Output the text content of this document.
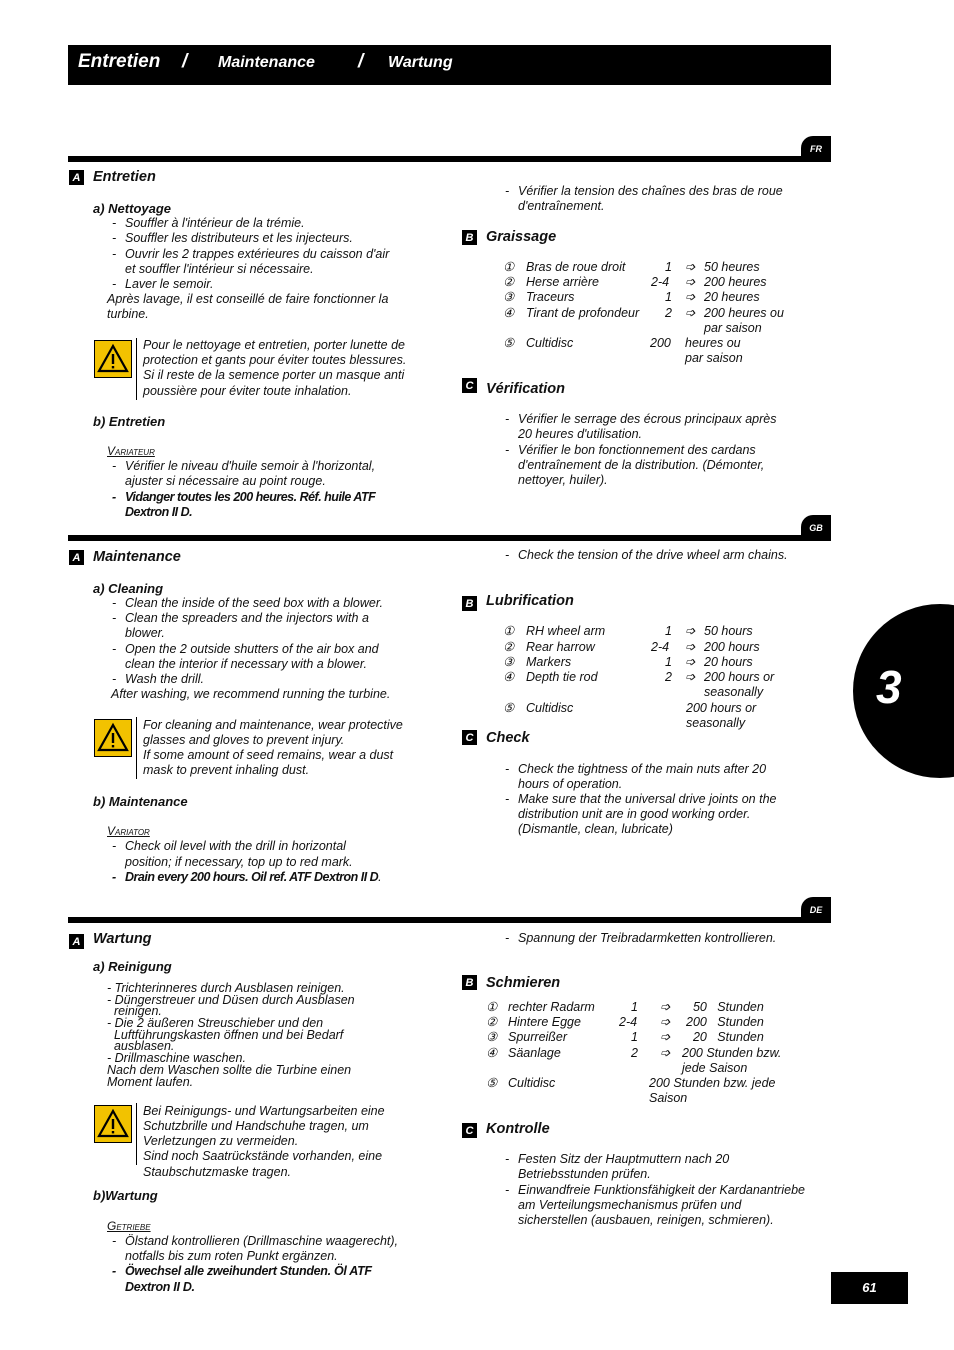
Entretien / Maintenance / Wartung
FR
A Entretien
a) Nettoyage
- Souffler à l'intérieur de la trémie.
- Souffler les distributeurs et les injecteurs.
- Ouvrir les 2 trappes extérieures du caisson d'air
et souffler l'intérieur si nécessaire.
- Laver le semoir.
Après lavage, il est conseillé de faire fonctionner la
turbine.
Pour le nettoyage et entretien, porter lunette de
protection et gants pour éviter toutes blessures.
Si il reste de la semence porter un masque anti
poussière pour éviter toute inhalation.
b) Entretien
Variateur
- Vérifier le niveau d'huile semoir à l'horizontal,
ajuster si nécessaire au point rouge.
- Vidanger toutes les 200 heures. Réf. huile ATF
Dextron II D.
- Vérifier la tension des chaînes des bras de roue
d'entraînement.
B Graissage
① Bras de roue droit	1 ➩ 50 heures
② Herse arrière	2-4 ➩ 200 heures
③ Traceurs	1 ➩ 20 heures
④ Tirant de profondeur 2 ➩ 200 heures ou
par saison
⑤ Cultidisc	200 heures ou
par saison
C Vérification
- Vérifier le serrage des écrous principaux après
20 heures d'utilisation.
- Vérifier le bon fonctionnement des cardans
d'entraînement de la distribution. (Démonter,
nettoyer, huiler).
GB
A Maintenance
a) Cleaning
- Clean the inside of the seed box with a blower.
- Clean the spreaders and the injectors with a
blower.
- Open the 2 outside shutters of the air box and
clean the interior if necessary with a blower.
- Wash the drill.
After washing, we recommend running the turbine.
For cleaning and maintenance, wear protective
glasses and gloves to prevent injury.
If some amount of seed remains, wear a dust
mask to prevent inhaling dust.
b) Maintenance
Variator
- Check oil level with the drill in horizontal
position; if necessary, top up to red mark.
- Drain every 200 hours. Oil ref. ATF Dextron II D.
- Check the tension of the drive wheel arm chains.
B Lubrification
① RH wheel arm	1 ➩ 50 hours
② Rear harrow	2-4 ➩ 200 hours
③ Markers	1 ➩ 20 hours
④ Depth tie rod	2 ➩ 200 hours or
seasonally
⑤ Cultidisc	200 hours or
seasonally
C Check
- Check the tightness of the main nuts after 20
hours of operation.
- Make sure that the universal drive joints on the
distribution unit are in good working order.
(Dismantle, clean, lubricate)
3
DE
A Wartung
a) Reinigung
- Trichterinneres durch Ausblasen reinigen.
- Düngerstreuer und Düsen durch Ausblasen
reinigen.
- Die 2 äußeren Streuschieber und den
Luftführungskasten öffnen und bei Bedarf
ausblasen.
- Drillmaschine waschen.
Nach dem Waschen sollte die Turbine einen
Moment laufen.
Bei Reinigungs- und Wartungsarbeiten eine
Schutzbrille und Handschuhe tragen, um
Verletzungen zu vermeiden.
Sind noch Saatrückstände vorhanden, eine
Staubschutzmaske tragen.
b)Wartung
Getriebe
- Ölstand kontrollieren (Drillmaschine waagerecht),
notfalls bis zum roten Punkt ergänzen.
- Öwechsel alle zweihundert Stunden. Öl ATF
Dextron II D.
- Spannung der Treibradarmketten kontrollieren.
B Schmieren
① rechter Radarm	1 ➩ 50   Stunden
② Hintere Egge	2-4 ➩ 200   Stunden
③ Spurreißer	1 ➩ 20   Stunden
④ Säanlage	2 ➩ 200 Stunden bzw.
jede Saison
⑤ Cultidisc	200 Stunden bzw. jede
Saison
C Kontrolle
- Festen Sitz der Hauptmuttern nach 20
Betriebsstunden prüfen.
- Einwandfreie Funktionsfähigkeit der Kardanantriebe
am Verteilungsmechanismus prüfen und
sicherstellen (ausbauen, reinigen, schmieren).
61
